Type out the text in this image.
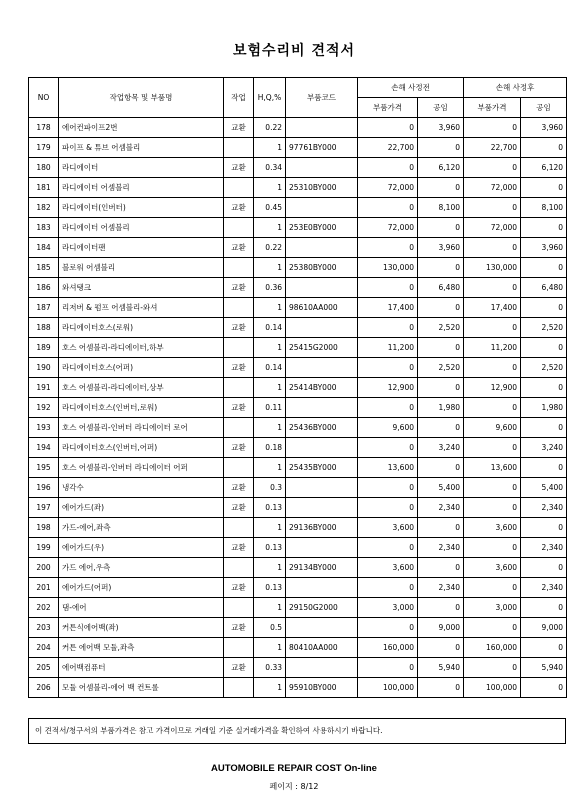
보험수리비 견적서
NO	작업항목 및 부품명	작업	H,Q,%	부품코드	손해 사정전		손해 사정후	
					부품가격	공임	부품가격	공임
178	에어컨파이프2번	교환	0.22		0	3,960	0	3,960
179	파이프 & 튜브 어셈블리		1	97761BY000	22,700	0	22,700	0
180	라디에이터	교환	0.34		0	6,120	0	6,120
181	라디에이터 어셈블리		1	25310BY000	72,000	0	72,000	0
182	라디에이터(인버터)	교환	0.45		0	8,100	0	8,100
183	라디에이터 어셈블리		1	253E0BY000	72,000	0	72,000	0
184	라디에이터팬	교환	0.22		0	3,960	0	3,960
185	블로워 어셈블리		1	25380BY000	130,000	0	130,000	0
186	와셔탱크	교환	0.36		0	6,480	0	6,480
187	리저버 & 펌프 어셈블리-와셔		1	98610AA000	17,400	0	17,400	0
188	라디에이터호스(로워)	교환	0.14		0	2,520	0	2,520
189	호스 어셈블리-라디에이터,하부		1	25415G2000	11,200	0	11,200	0
190	라디에이터호스(어퍼)	교환	0.14		0	2,520	0	2,520
191	호스 어셈블리-라디에이터,상부		1	25414BY000	12,900	0	12,900	0
192	라디에이터호스(인버터,로워)	교환	0.11		0	1,980	0	1,980
193	호스 어셈블리-인버터 라디에이터 로어		1	25436BY000	9,600	0	9,600	0
194	라디에이터호스(인버터,어퍼)	교환	0.18		0	3,240	0	3,240
195	호스 어셈블리-인버터 라디에이터 어퍼		1	25435BY000	13,600	0	13,600	0
196	냉각수	교환	0.3		0	5,400	0	5,400
197	에어가드(좌)	교환	0.13		0	2,340	0	2,340
198	가드-에어,좌측		1	29136BY000	3,600	0	3,600	0
199	에어가드(우)	교환	0.13		0	2,340	0	2,340
200	가드 에어,우측		1	29134BY000	3,600	0	3,600	0
201	에어가드(어퍼)	교환	0.13		0	2,340	0	2,340
202	댐-에어		1	29150G2000	3,000	0	3,000	0
203	커튼식에어백(좌)	교환	0.5		0	9,000	0	9,000
204	커튼 에어백 모듈,좌측		1	80410AA000	160,000	0	160,000	0
205	에어백컴퓨터	교환	0.33		0	5,940	0	5,940
206	모듈 어셈블리-에어 백 컨트롤		1	95910BY000	100,000	0	100,000	0
이 견적서/청구서의 부품가격은 참고 가격이므로 거래일 기준 실거래가격을 확인하여 사용하시기 바랍니다.
AUTOMOBILE REPAIR COST On-line
페이지 : 8/12
